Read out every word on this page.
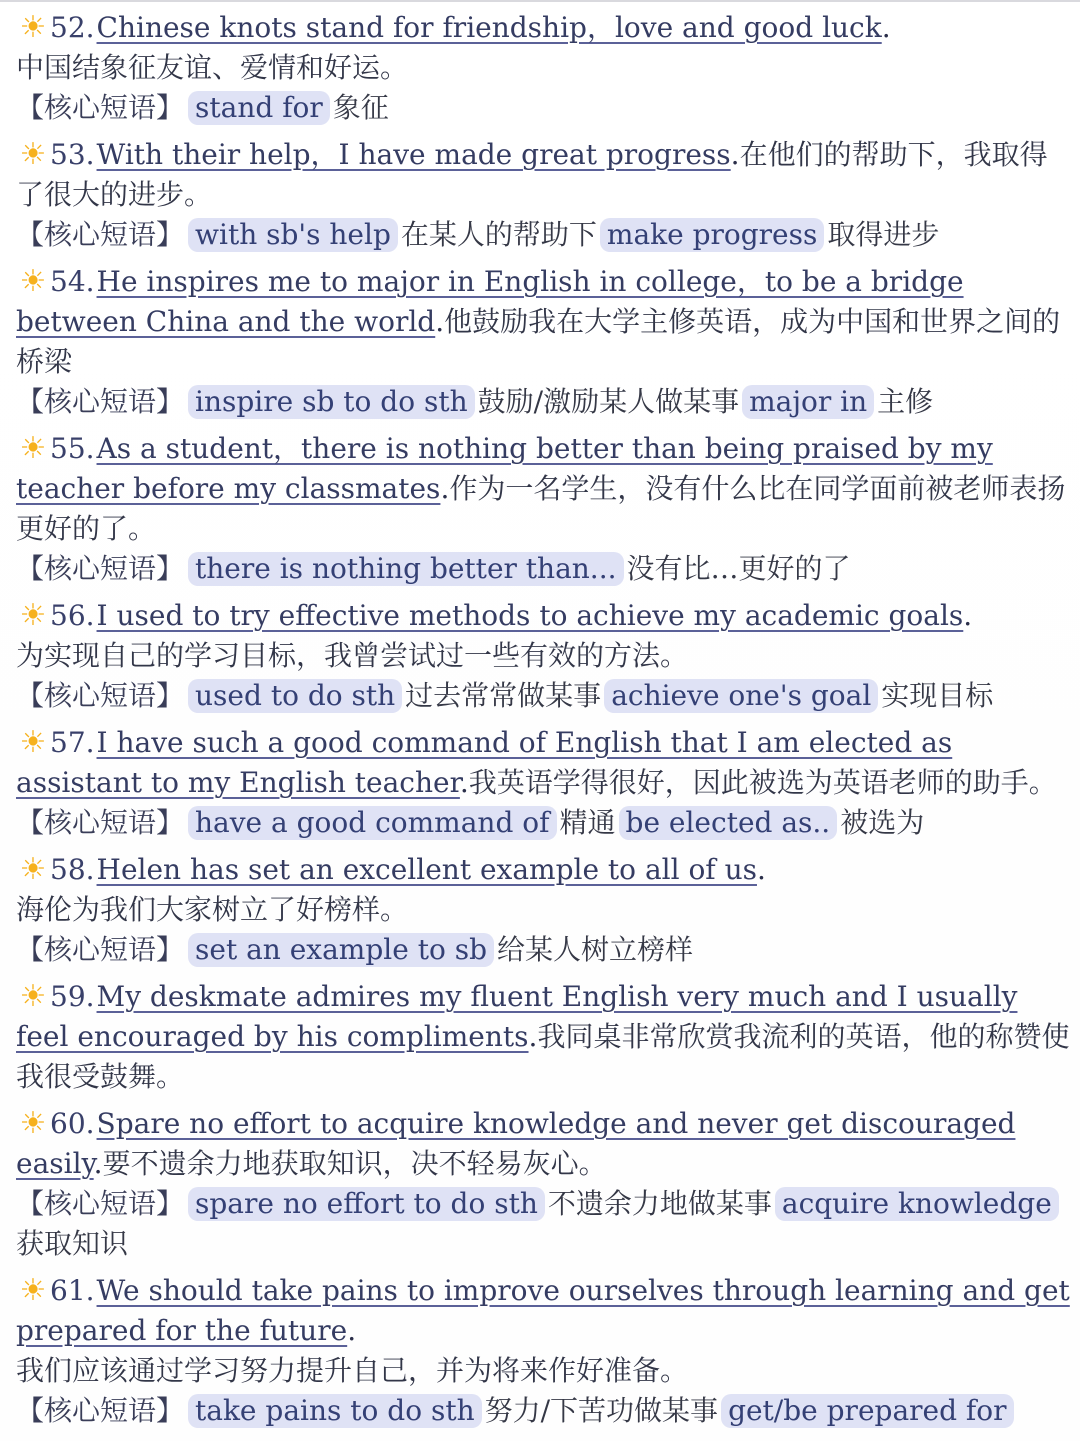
☀ 52.Chinese knots stand for friendship，love and good luck.
中国结象征友谊、爱情和好运。
【核心短语】 stand for 象征
☀ 53.With their help，I have made great progress.在他们的帮助下，我取得了很大的进步。
【核心短语】 with sb's help 在某人的帮助下 make progress 取得进步
☀ 54.He inspires me to major in English in college，to be a bridge between China and the world.他鼓励我在大学主修英语，成为中国和世界之间的桥梁
【核心短语】 inspire sb to do sth 鼓励/激励某人做某事 major in 主修
☀ 55.As a student，there is nothing better than being praised by my teacher before my classmates.作为一名学生，没有什么比在同学面前被老师表扬更好的了。
【核心短语】 there is nothing better than... 没有比…更好的了
☀ 56.I used to try effective methods to achieve my academic goals.
为实现自己的学习目标，我曾尝试过一些有效的方法。
【核心短语】 used to do sth 过去常常做某事 achieve one's goal 实现目标
☀ 57.I have such a good command of English that I am elected as assistant to my English teacher.我英语学得很好，因此被选为英语老师的助手。
【核心短语】 have a good command of 精通 be elected as.. 被选为
☀ 58.Helen has set an excellent example to all of us.
海伦为我们大家树立了好榜样。
【核心短语】 set an example to sb 给某人树立榜样
☀ 59.My deskmate admires my fluent English very much and I usually feel encouraged by his compliments.我同桌非常欣赏我流利的英语，他的称赞使我很受鼓舞。
☀ 60.Spare no effort to acquire knowledge and never get discouraged easily.要不遗余力地获取知识，决不轻易灰心。
【核心短语】 spare no effort to do sth 不遗余力地做某事 acquire knowledge获取知识
☀ 61.We should take pains to improve ourselves through learning and get prepared for the future.
我们应该通过学习努力提升自己，并为将来作好准备。
【核心短语】 take pains to do sth 努力/下苦功做某事 get/be prepared for
